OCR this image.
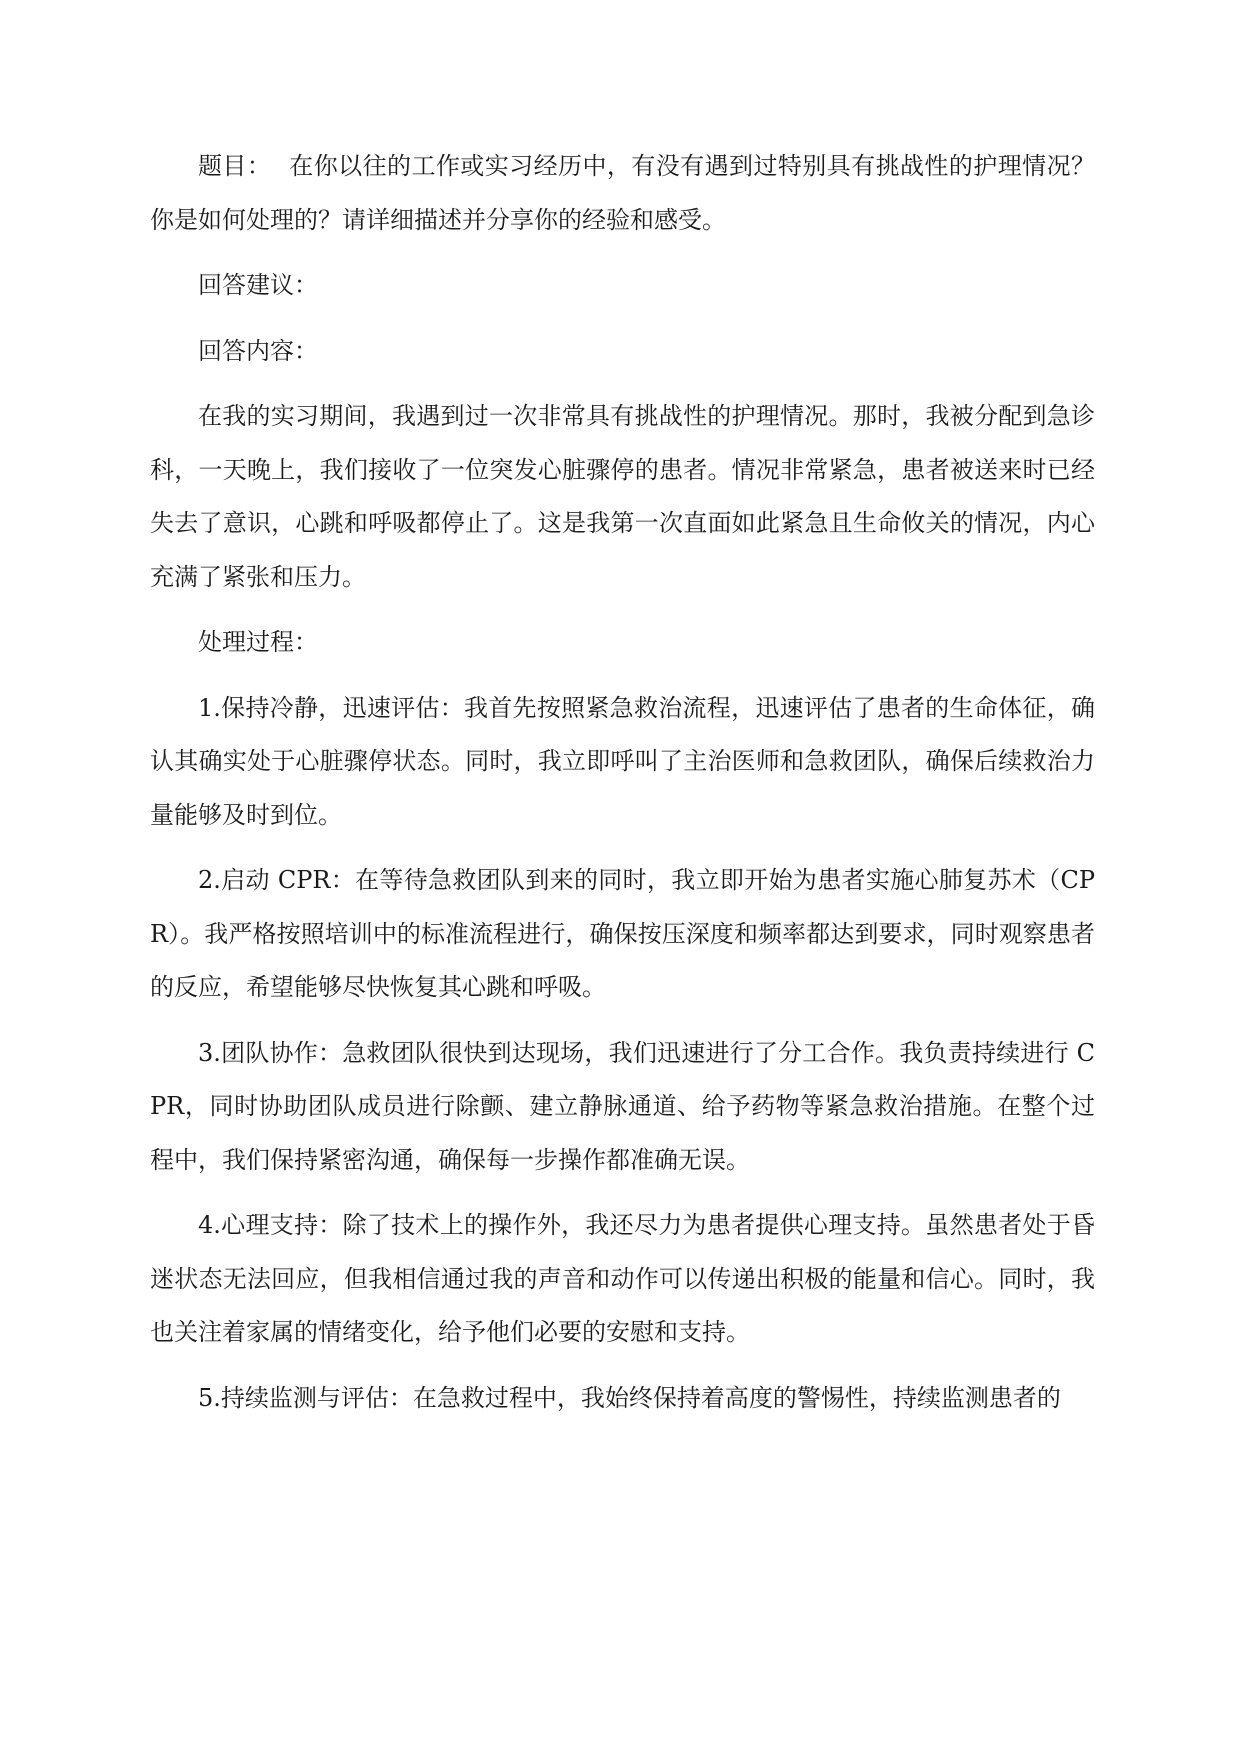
题目： 在你以往的工作或实习经历中，有没有遇到过特别具有挑战性的护理情况？你是如何处理的？请详细描述并分享你的经验和感受。

回答建议：

回答内容：

在我的实习期间，我遇到过一次非常具有挑战性的护理情况。那时，我被分配到急诊科，一天晚上，我们接收了一位突发心脏骤停的患者。情况非常紧急，患者被送来时已经失去了意识，心跳和呼吸都停止了。这是我第一次直面如此紧急且生命攸关的情况，内心充满了紧张和压力。

处理过程：

1.保持冷静，迅速评估：我首先按照紧急救治流程，迅速评估了患者的生命体征，确认其确实处于心脏骤停状态。同时，我立即呼叫了主治医师和急救团队，确保后续救治力量能够及时到位。

2.启动 CPR：在等待急救团队到来的同时，我立即开始为患者实施心肺复苏术（CPR）。我严格按照培训中的标准流程进行，确保按压深度和频率都达到要求，同时观察患者的反应，希望能够尽快恢复其心跳和呼吸。

3.团队协作：急救团队很快到达现场，我们迅速进行了分工合作。我负责持续进行 CPR，同时协助团队成员进行除颤、建立静脉通道、给予药物等紧急救治措施。在整个过程中，我们保持紧密沟通，确保每一步操作都准确无误。

4.心理支持：除了技术上的操作外，我还尽力为患者提供心理支持。虽然患者处于昏迷状态无法回应，但我相信通过我的声音和动作可以传递出积极的能量和信心。同时，我也关注着家属的情绪变化，给予他们必要的安慰和支持。

5.持续监测与评估：在急救过程中，我始终保持着高度的警惕性，持续监测患者的
